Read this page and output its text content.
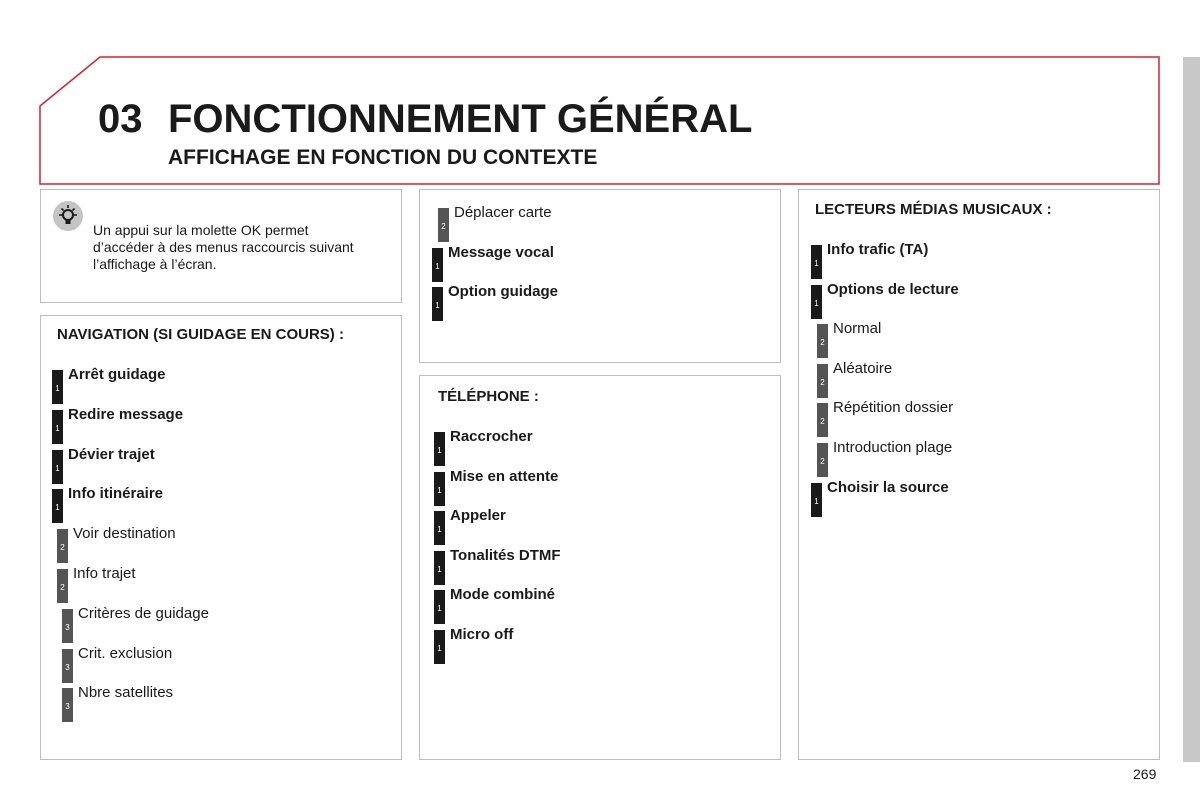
03 FONCTIONNEMENT GÉNÉRAL
AFFICHAGE EN FONCTION DU CONTEXTE
Un appui sur la molette OK permet d’accéder à des menus raccourcis suivant l’affichage à l’écran.
NAVIGATION (SI GUIDAGE EN COURS) :
1
Arrêt guidage
1
Redire message
1
Dévier trajet
1
Info itinéraire
2
Voir destination
2
Info trajet
3
Critères de guidage
3
Crit. exclusion
3
Nbre satellites
2
Déplacer carte
1
Message vocal
1
Option guidage
TÉLÉPHONE :
1
Raccrocher
1
Mise en attente
1
Appeler
1
Tonalités DTMF
1
Mode combiné
1
Micro off
LECTEURS MÉDIAS MUSICAUX :
1
Info trafic (TA)
1
Options de lecture
2
Normal
2
Aléatoire
2
Répétition dossier
2
Introduction plage
1
Choisir la source
269
